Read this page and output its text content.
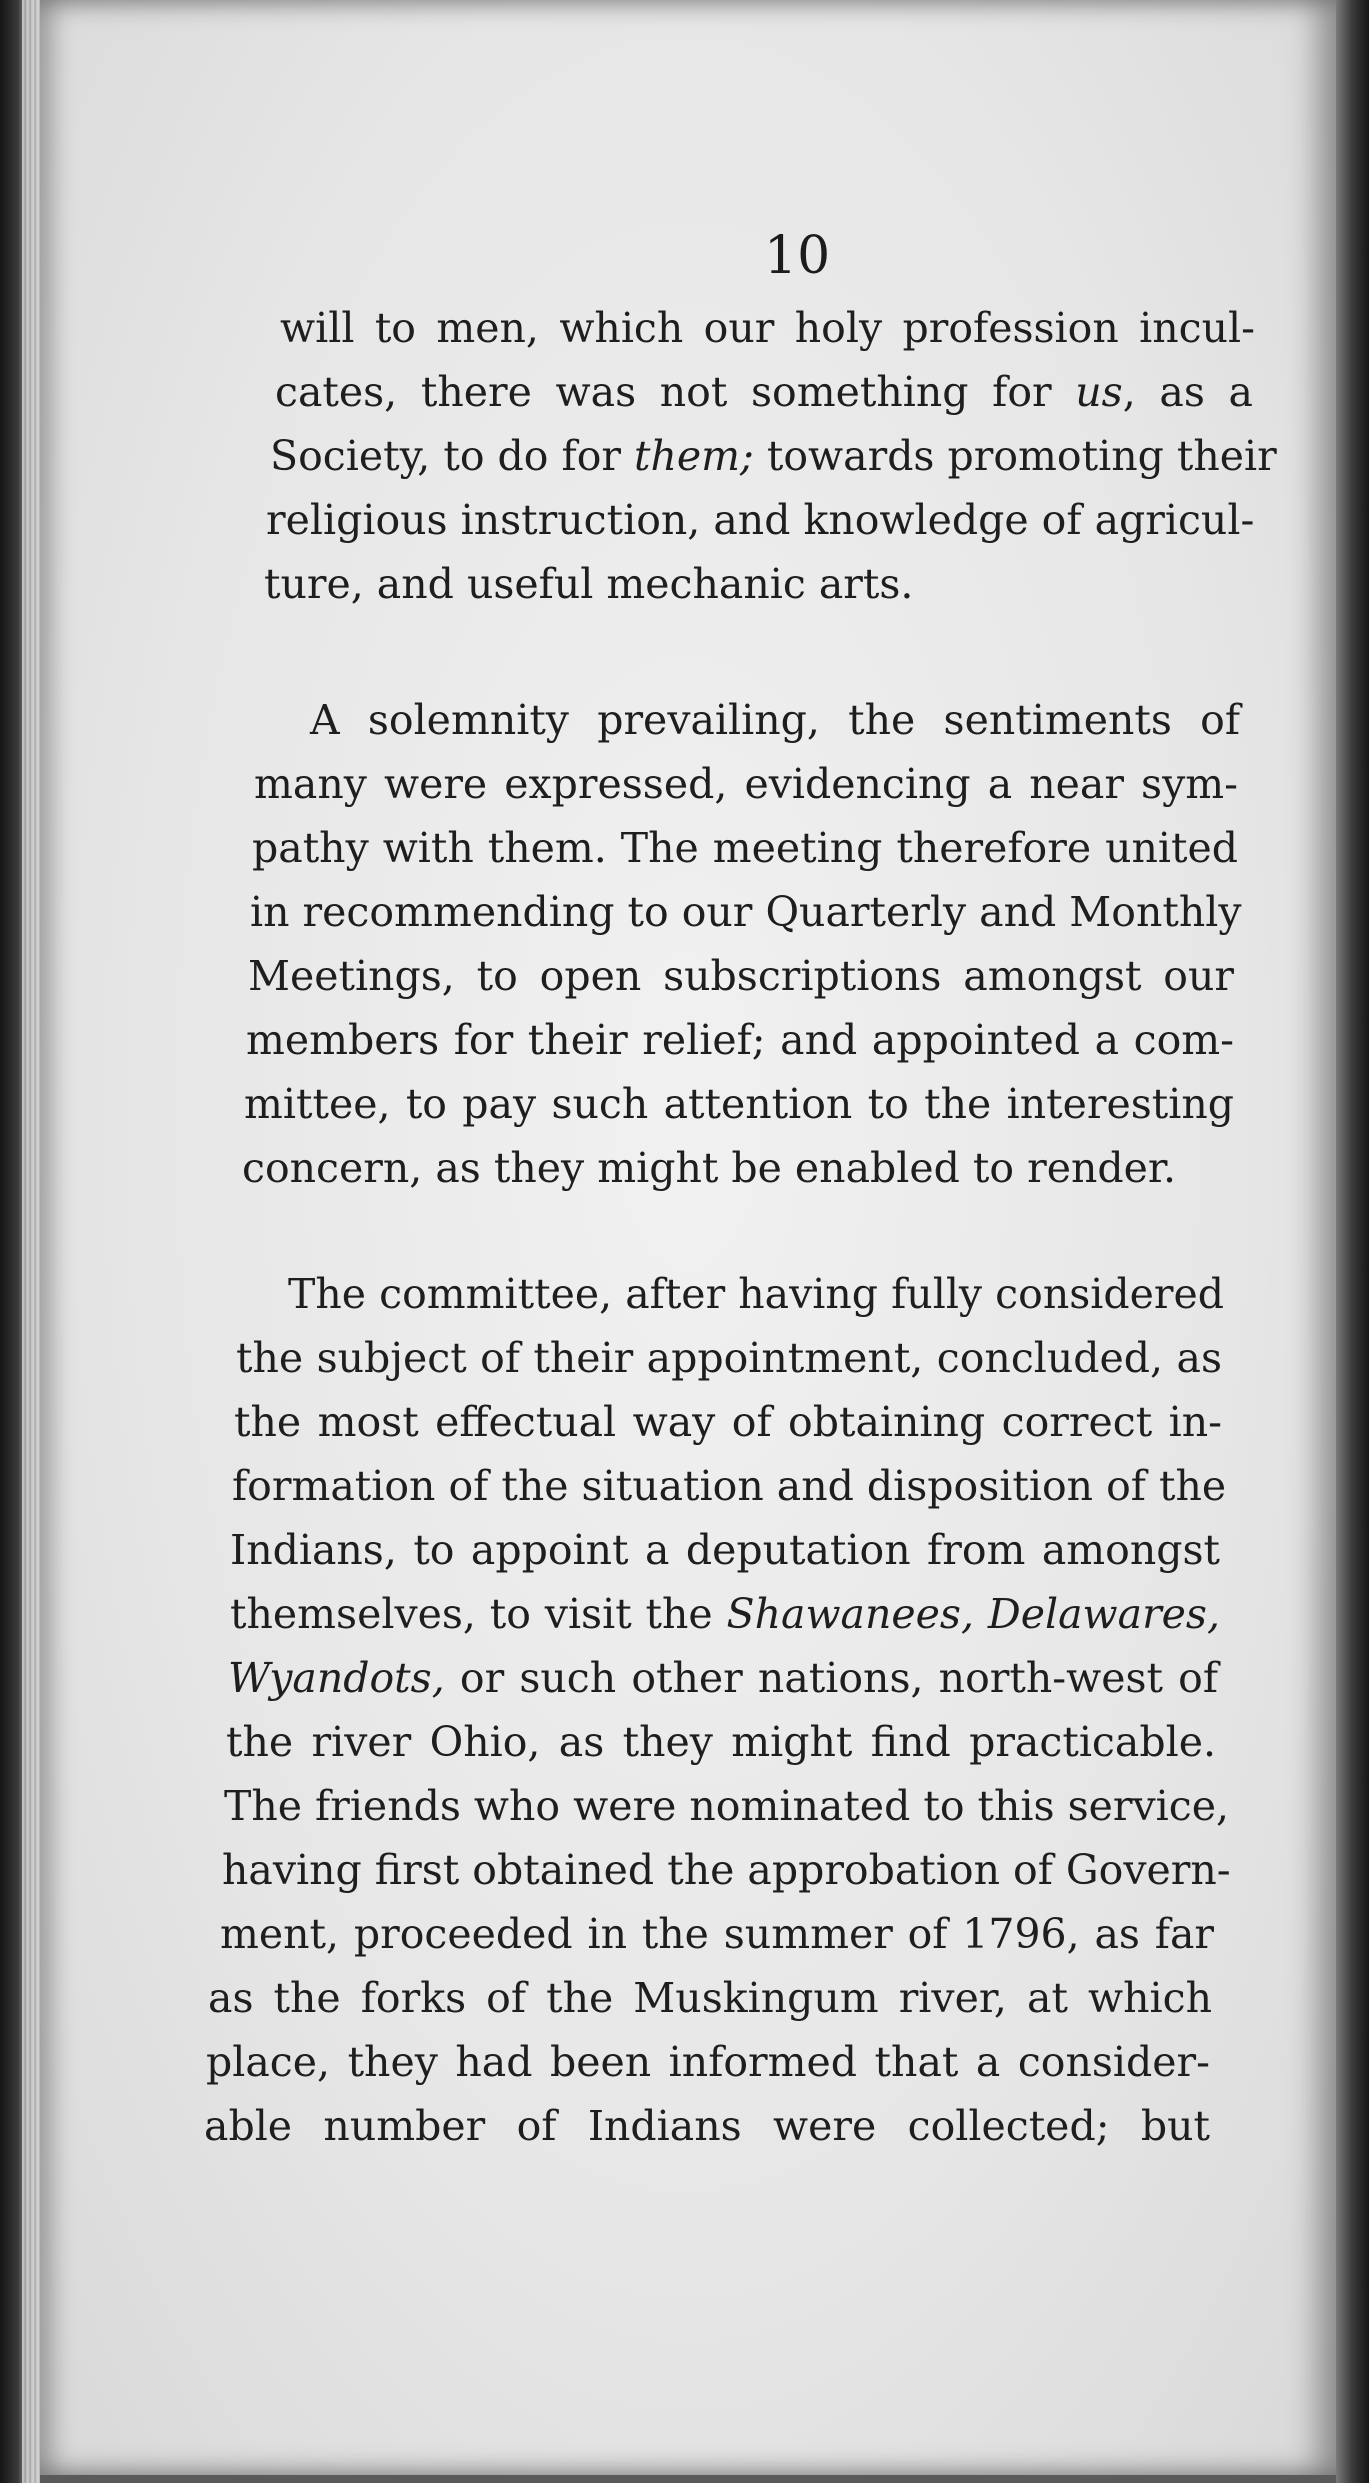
10

will to men, which our holy profession incul-

cates, there was not something for us, as a

Society, to do for them; towards promoting their

religious instruction, and knowledge of agricul-

ture, and useful mechanic arts.

A solemnity prevailing, the sentiments of

many were expressed, evidencing a near sym-

pathy with them. The meeting therefore united

in recommending to our Quarterly and Monthly

Meetings, to open subscriptions amongst our

members for their relief; and appointed a com-

mittee, to pay such attention to the interesting

concern, as they might be enabled to render.

The committee, after having fully considered

the subject of their appointment, concluded, as

the most effectual way of obtaining correct in-

formation of the situation and disposition of the

Indians, to appoint a deputation from amongst

themselves, to visit the Shawanees, Delawares,

Wyandots, or such other nations, north-west of

the river Ohio, as they might find practicable.

The friends who were nominated to this service,

having first obtained the approbation of Govern-

ment, proceeded in the summer of 1796, as far

as the forks of the Muskingum river, at which

place, they had been informed that a consider-

able number of Indians were collected; but
